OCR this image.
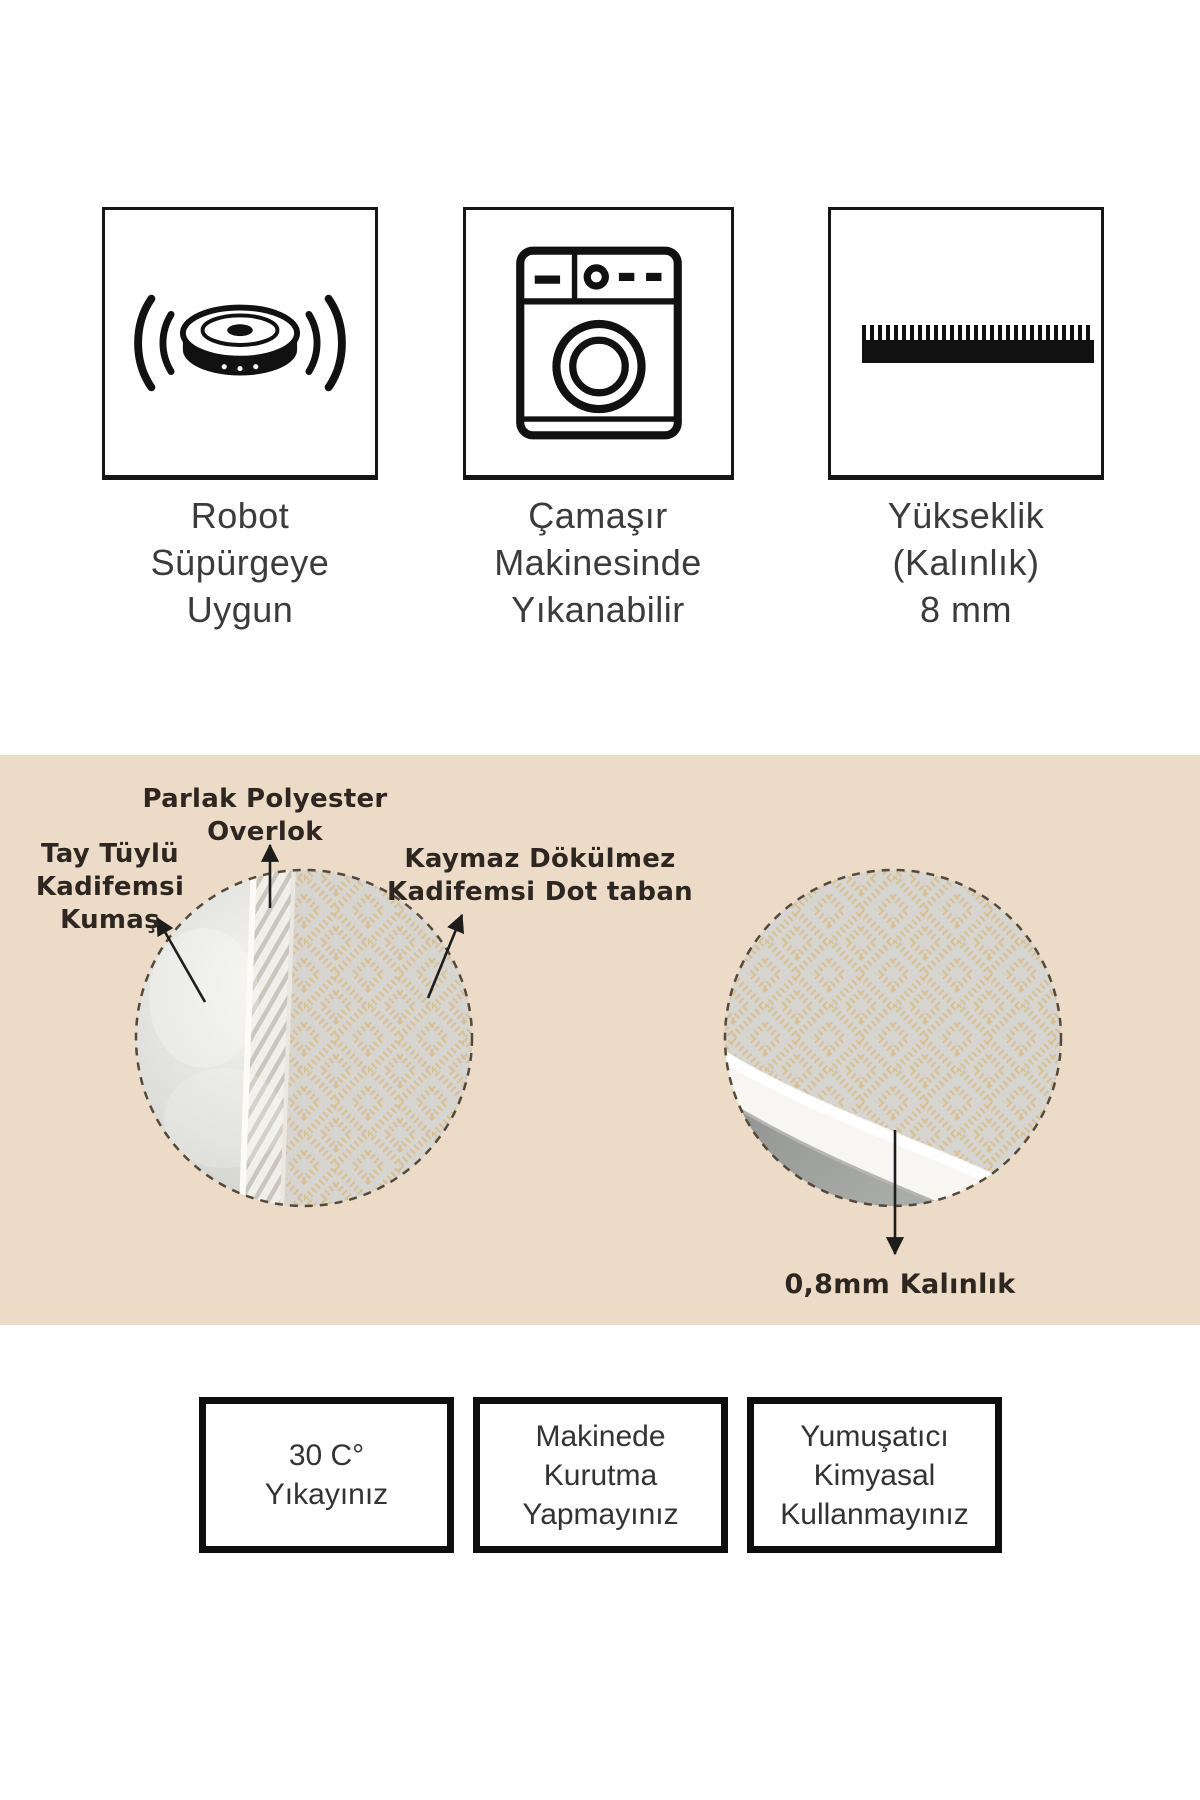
Robot
Süpürgeye
Uygun
Çamaşır
Makinesinde
Yıkanabilir
Yükseklik
(Kalınlık)
8 mm
Parlak Polyester Overlok
Tay Tüylü
Kadifemsi Kumaş
Kaymaz Dökülmez
Kadifemsi Dot taban
0,8mm Kalınlık
30 C°
Yıkayınız
Makinede
Kurutma
Yapmayınız
Yumuşatıcı
Kimyasal
Kullanmayınız
